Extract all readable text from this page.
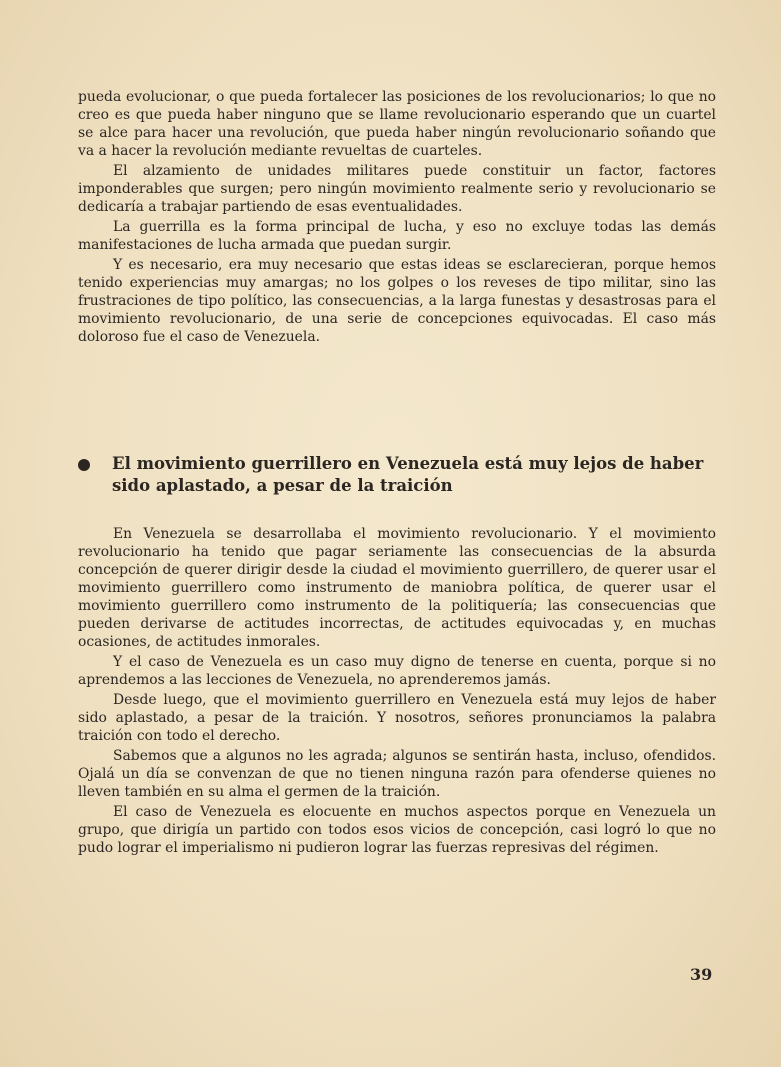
pueda evolucionar, o que pueda fortalecer las posiciones de los revolucionarios; lo que no creo es que pueda haber ninguno que se llame revolucionario esperando que un cuartel se alce para hacer una revolución, que pueda haber ningún revolucionario soñando que va a hacer la revolución mediante revueltas de cuarteles.

El alzamiento de unidades militares puede constituir un factor, factores imponderables que surgen; pero ningún movimiento realmente serio y revolucionario se dedicaría a trabajar partiendo de esas eventualidades.

La guerrilla es la forma principal de lucha, y eso no excluye todas las demás manifestaciones de lucha armada que puedan surgir.

Y es necesario, era muy necesario que estas ideas se esclarecieran, porque hemos tenido experiencias muy amargas; no los golpes o los reveses de tipo militar, sino las frustraciones de tipo político, las consecuencias, a la larga funestas y desastrosas para el movimiento revolucionario, de una serie de concepciones equivocadas. El caso más doloroso fue el caso de Venezuela.

El movimiento guerrillero en Venezuela está muy lejos de haber sido aplastado, a pesar de la traición

En Venezuela se desarrollaba el movimiento revolucionario. Y el movimiento revolucionario ha tenido que pagar seriamente las consecuencias de la absurda concepción de querer dirigir desde la ciudad el movimiento guerrillero, de querer usar el movimiento guerrillero como instrumento de maniobra política, de querer usar el movimiento guerrillero como instrumento de la politiquería; las consecuencias que pueden derivarse de actitudes incorrectas, de actitudes equivocadas y, en muchas ocasiones, de actitudes inmorales.

Y el caso de Venezuela es un caso muy digno de tenerse en cuenta, porque si no aprendemos a las lecciones de Venezuela, no aprenderemos jamás.

Desde luego, que el movimiento guerrillero en Venezuela está muy lejos de haber sido aplastado, a pesar de la traición. Y nosotros, señores pronunciamos la palabra traición con todo el derecho.

Sabemos que a algunos no les agrada; algunos se sentirán hasta, incluso, ofendidos. Ojalá un día se convenzan de que no tienen ninguna razón para ofenderse quienes no lleven también en su alma el germen de la traición.

El caso de Venezuela es elocuente en muchos aspectos porque en Venezuela un grupo, que dirigía un partido con todos esos vicios de concepción, casi logró lo que no pudo lograr el imperialismo ni pudieron lograr las fuerzas represivas del régimen.

39
